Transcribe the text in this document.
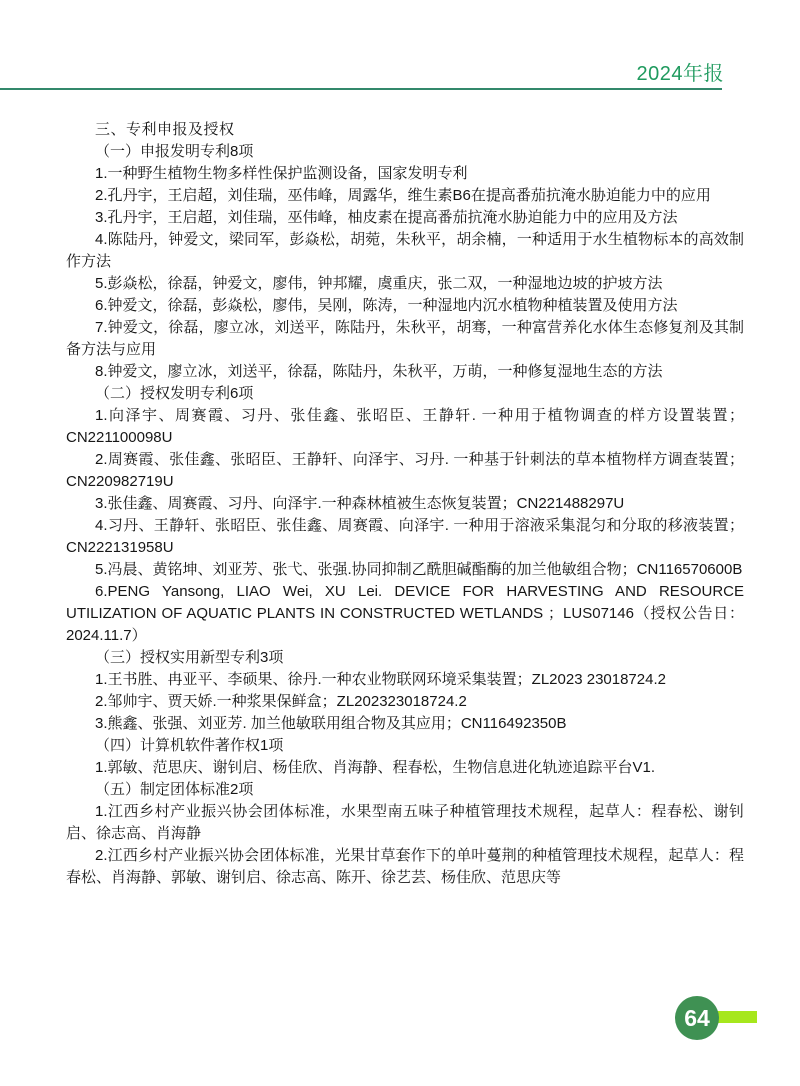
2024年报

三、专利申报及授权

（一）申报发明专利8项

1.一种野生植物生物多样性保护监测设备，国家发明专利

2.孔丹宇，王启超，刘佳瑞，巫伟峰，周露华，维生素B6在提高番茄抗淹水胁迫能力中的应用

3.孔丹宇，王启超，刘佳瑞，巫伟峰，柚皮素在提高番茄抗淹水胁迫能力中的应用及方法

4.陈陆丹，钟爱文，梁同军，彭焱松，胡菀，朱秋平，胡余楠，一种适用于水生植物标本的高效制作方法

5.彭焱松，徐磊，钟爱文，廖伟，钟邦耀，虞重庆，张二双，一种湿地边坡的护坡方法

6.钟爱文，徐磊，彭焱松，廖伟，吴刚，陈涛，一种湿地内沉水植物种植装置及使用方法

7.钟爱文，徐磊，廖立冰，刘送平，陈陆丹，朱秋平，胡骞，一种富营养化水体生态修复剂及其制备方法与应用

8.钟爱文，廖立冰，刘送平，徐磊，陈陆丹，朱秋平，万萌，一种修复湿地生态的方法

（二）授权发明专利6项

1.向泽宇、周赛霞、习丹、张佳鑫、张昭臣、王静轩. 一种用于植物调查的样方设置装置；CN221100098U

2.周赛霞、张佳鑫、张昭臣、王静轩、向泽宇、习丹. 一种基于针刺法的草本植物样方调查装置；CN220982719U

3.张佳鑫、周赛霞、习丹、向泽宇.一种森林植被生态恢复装置；CN221488297U

4.习丹、王静轩、张昭臣、张佳鑫、周赛霞、向泽宇. 一种用于溶液采集混匀和分取的移液装置；CN222131958U

5.冯晨、黄铭坤、刘亚芳、张弋、张强.协同抑制乙酰胆碱酯酶的加兰他敏组合物；CN116570600B

6.PENG Yansong, LIAO Wei, XU Lei. DEVICE FOR HARVESTING AND RESOURCE UTILIZATION OF AQUATIC PLANTS IN CONSTRUCTED WETLANDS ；LUS07146（授权公告日：2024.11.7）

（三）授权实用新型专利3项

1.王书胜、冉亚平、李硕果、徐丹.一种农业物联网环境采集装置；ZL2023 23018724.2

2.邹帅宇、贾天娇.一种浆果保鲜盒；ZL202323018724.2

3.熊鑫、张强、刘亚芳. 加兰他敏联用组合物及其应用；CN116492350B

（四）计算机软件著作权1项

1.郭敏、范思庆、谢钊启、杨佳欣、肖海静、程春松，生物信息进化轨迹追踪平台V1.

（五）制定团体标准2项

1.江西乡村产业振兴协会团体标准，水果型南五味子种植管理技术规程，起草人：程春松、谢钊启、徐志高、肖海静

2.江西乡村产业振兴协会团体标准，光果甘草套作下的单叶蔓荆的种植管理技术规程，起草人：程春松、肖海静、郭敏、谢钊启、徐志高、陈开、徐艺芸、杨佳欣、范思庆等

64
